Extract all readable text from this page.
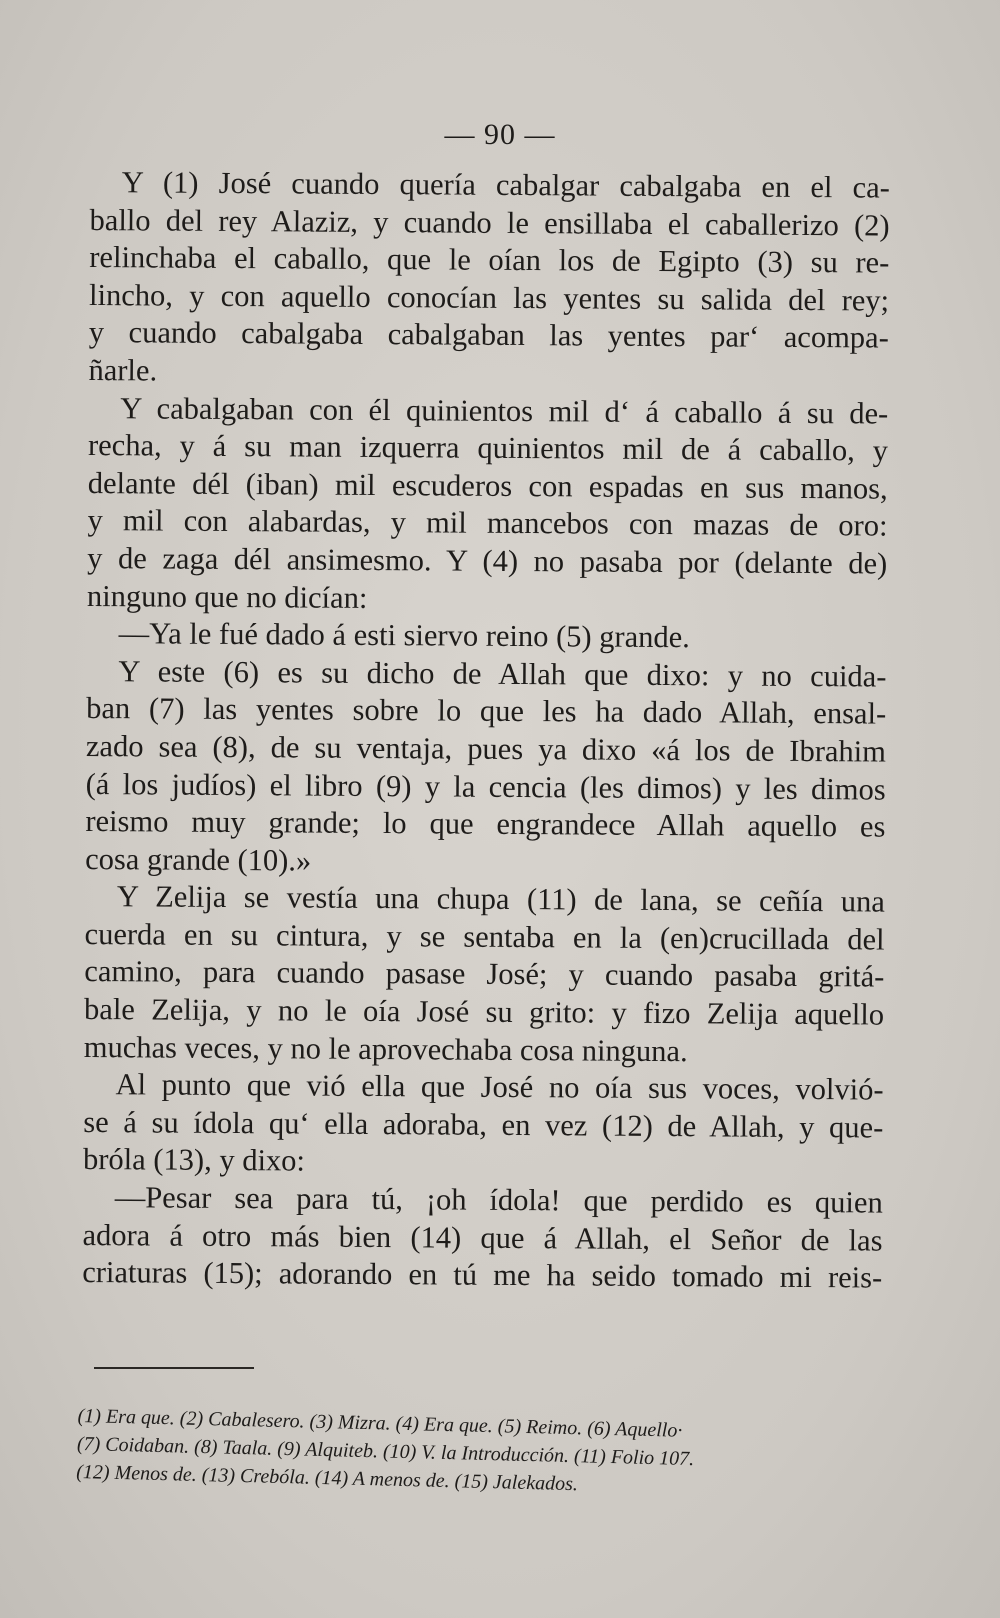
— 90 —

Y (1) José cuando quería cabalgar cabalgaba en el ca-
ballo del rey Alaziz, y cuando le ensillaba el caballerizo (2)
relinchaba el caballo, que le oían los de Egipto (3) su re-
lincho, y con aquello conocían las yentes su salida del rey;
y cuando cabalgaba cabalgaban las yentes par‘ acompa-
ñarle.

Y cabalgaban con él quinientos mil d‘ á caballo á su de-
recha, y á su man izquerra quinientos mil de á caballo, y
delante dél (iban) mil escuderos con espadas en sus manos,
y mil con alabardas, y mil mancebos con mazas de oro:
y de zaga dél ansimesmo. Y (4) no pasaba por (delante de)
ninguno que no dicían:

—Ya le fué dado á esti siervo reino (5) grande.

Y este (6) es su dicho de Allah que dixo: y no cuida-
ban (7) las yentes sobre lo que les ha dado Allah, ensal-
zado sea (8), de su ventaja, pues ya dixo «á los de Ibrahim
(á los judíos) el libro (9) y la cencia (les dimos) y les dimos
reismo muy grande; lo que engrandece Allah aquello es
cosa grande (10).»

Y Zelija se vestía una chupa (11) de lana, se ceñía una
cuerda en su cintura, y se sentaba en la (en)crucillada del
camino, para cuando pasase José; y cuando pasaba gritá-
bale Zelija, y no le oía José su grito: y fizo Zelija aquello
muchas veces, y no le aprovechaba cosa ninguna.

Al punto que vió ella que José no oía sus voces, volvió-
se á su ídola qu‘ ella adoraba, en vez (12) de Allah, y que-
bróla (13), y dixo:

—Pesar sea para tú, ¡oh ídola! que perdido es quien
adora á otro más bien (14) que á Allah, el Señor de las
criaturas (15); adorando en tú me ha seido tomado mi reis-

(1) Era que. (2) Cabalesero. (3) Mizra. (4) Era que. (5) Reimo. (6) Aquello·
(7) Coidaban. (8) Taala. (9) Alquiteb. (10) V. la Introducción. (11) Folio 107.
(12) Menos de. (13) Crebóla. (14) A menos de. (15) Jalekados.
